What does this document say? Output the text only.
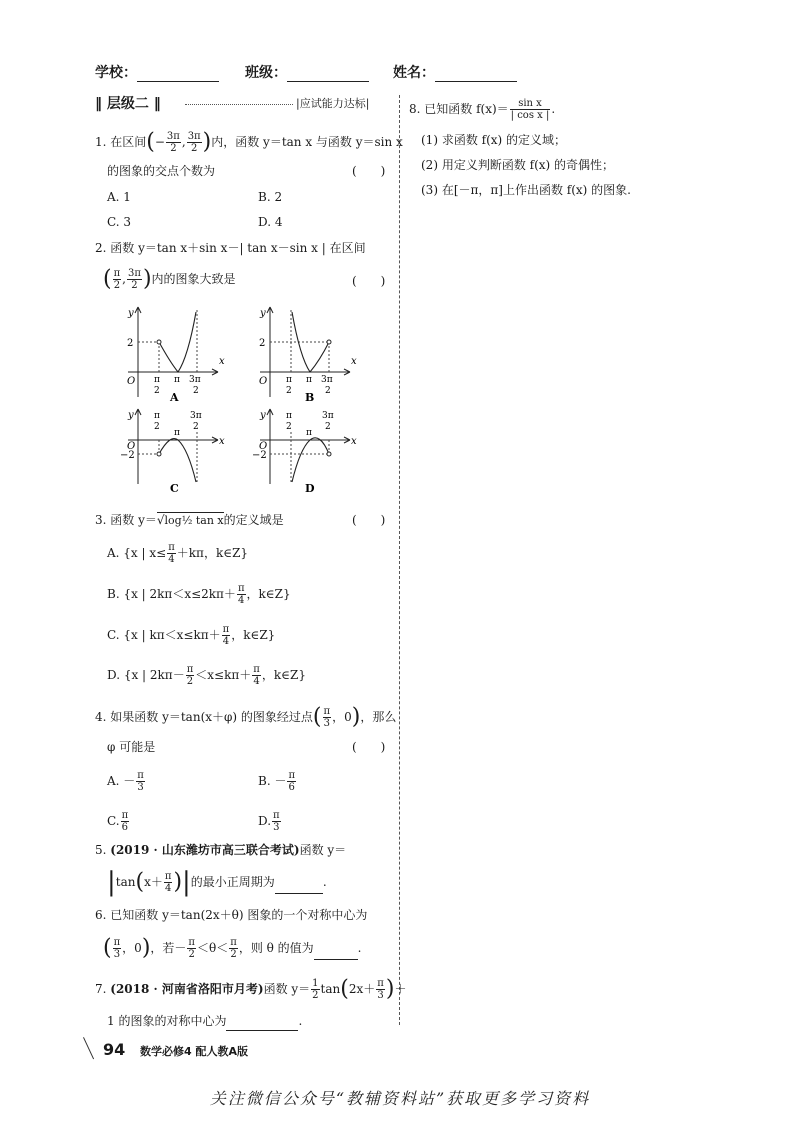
学校：	班级：	姓名：
‖ 层级二 ‖	|应试能力达标|
1. 在区间(− $\frac{3\pi}{2}$ , $\frac{3\pi}{2}$ )内，函数 y＝tan x 与函数 y＝sin x
的图象的交点个数为	(　　)
A. 1	B. 2
C. 3	D. 4
2. 函数 y＝tan x＋sin x－| tan x－sin x | 在区间
( $\frac{\pi}{2}$ , $\frac{3\pi}{2}$ )内的图象大致是	(　　)
y
x
O
2
π
2
π 3π
2
A
y
x
O
2
π
2
π 3π
2
B
y
x
O
−2
π
2
π
3π
2
C
y
x
O
−2
π
2
π
3π
2
D
3. 函数 y＝√log½ tan x的定义域是	(　　)
A. {x | $x\le \frac{\pi}{4} +k\pi$，k∈Z}
B. {x | $2k\pi<x\le 2k\pi+ \frac{\pi}{4}$ ，k∈Z}
C. {x | $k\pi<x\le k\pi+ \frac{\pi}{4}$ ，k∈Z}
D. {x | $2k\pi- \frac{\pi}{2} <x\le k\pi+ \frac{\pi}{4}$ ，k∈Z}
4. 如果函数 y＝tan(x＋φ) 的图象经过点( $\frac{\pi}{3}$ ，0)，那么
φ 可能是	(　　)
A. － $\frac{\pi}{3}$	B. － $\frac{\pi}{6}$
C. $\frac{\pi}{6}$	D. $\frac{\pi}{3}$
5. (2019 · 山东潍坊市高三联合考试)函数 y＝
$|\tan(x+ \frac{\pi}{4}$ )|的最小正周期为	.
6. 已知函数 y＝tan(2x＋θ) 图象的一个对称中心为
( $\frac{\pi}{3}$ ，0)，若－ $\frac{\pi}{2} <\theta< \frac{\pi}{2}$ ，则 θ 的值为	.
7. (2018 · 河南省洛阳市月考)函数 $y= \frac{1}{2} \tan(2x+ \frac{\pi}{3}$ )＋
1 的图象的对称中心为	.
8. 已知函数 $f(x)= \frac{\text{sin x}}{\text{| cos x |}}$ .
(1) 求函数 f(x) 的定义域；
(2) 用定义判断函数 f(x) 的奇偶性；
(3) 在[－π，π]上作出函数 f(x) 的图象.
94 数学必修4 配人教A版
关注微信公众号“教辅资料站”获取更多学习资料
